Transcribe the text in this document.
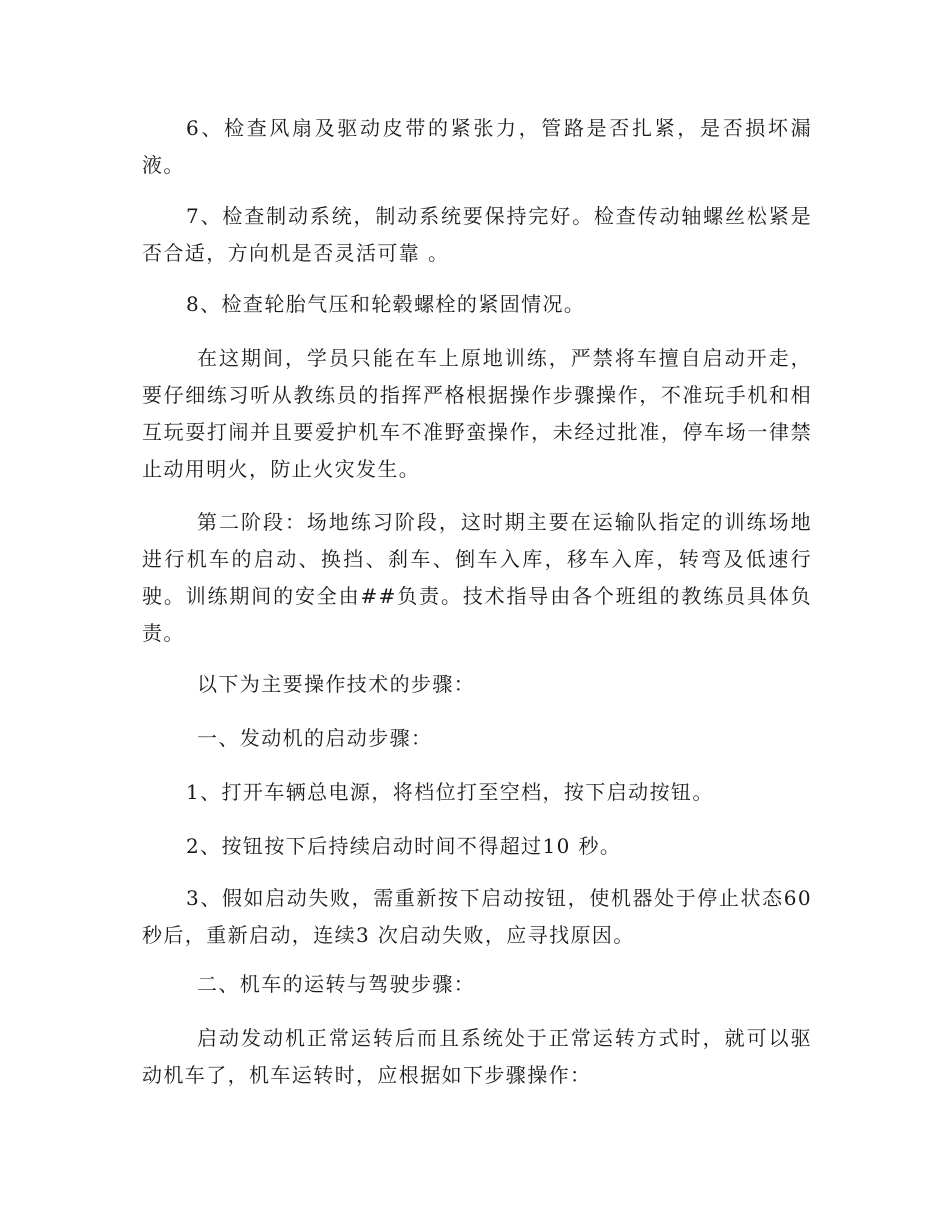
6、检查风扇及驱动皮带的紧张力，管路是否扎紧，是否损坏漏液。

7、检查制动系统，制动系统要保持完好。检查传动轴螺丝松紧是否合适，方向机是否灵活可靠 。

8、检查轮胎气压和轮毂螺栓的紧固情况。

在这期间，学员只能在车上原地训练，严禁将车擅自启动开走，要仔细练习听从教练员的指挥严格根据操作步骤操作，不准玩手机和相互玩耍打闹并且要爱护机车不准野蛮操作，未经过批准，停车场一律禁止动用明火，防止火灾发生。

第二阶段：场地练习阶段，这时期主要在运输队指定的训练场地进行机车的启动、换挡、刹车、倒车入库，移车入库，转弯及低速行驶。训练期间的安全由##负责。技术指导由各个班组的教练员具体负责。

以下为主要操作技术的步骤：

一、发动机的启动步骤：

1、打开车辆总电源，将档位打至空档，按下启动按钮。

2、按钮按下后持续启动时间不得超过10 秒。

3、假如启动失败，需重新按下启动按钮，使机器处于停止状态60秒后，重新启动，连续3 次启动失败，应寻找原因。

二、机车的运转与驾驶步骤：

启动发动机正常运转后而且系统处于正常运转方式时，就可以驱动机车了，机车运转时，应根据如下步骤操作：
